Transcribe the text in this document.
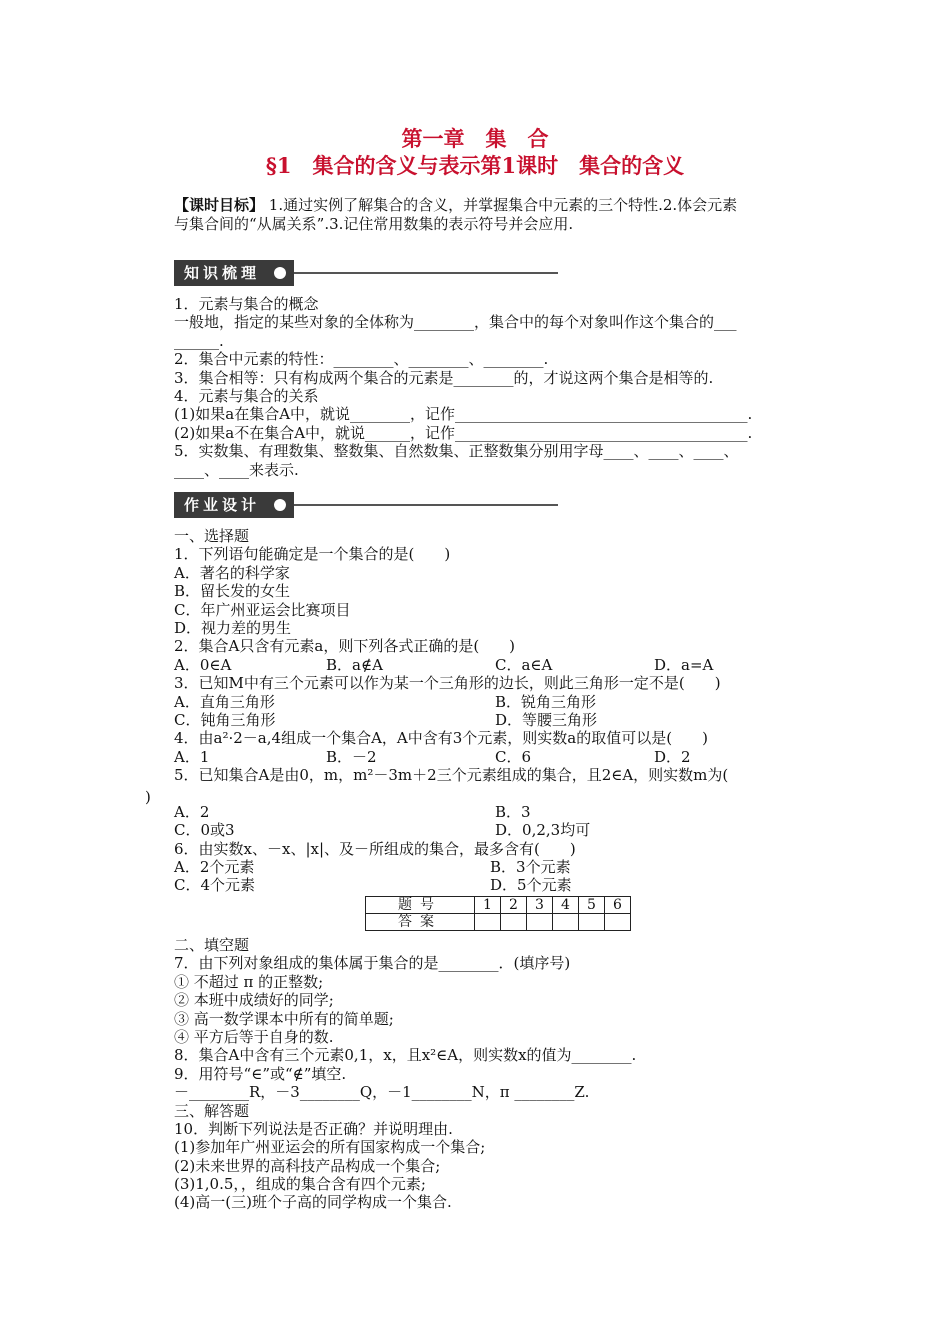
第一章　集　合
§1　集合的含义与表示第1课时　集合的含义
【课时目标】 1.通过实例了解集合的含义，并掌握集合中元素的三个特性.2.体会元素
与集合间的“从属关系”.3.记住常用数集的表示符号并会应用.
知识梳理
1．元素与集合的概念
一般地，指定的某些对象的全体称为________，集合中的每个对象叫作这个集合的___
______.
2．集合中元素的特性：________、________、________.
3．集合相等：只有构成两个集合的元素是________的，才说这两个集合是相等的.
4．元素与集合的关系
(1)如果a在集合A中，就说________，记作_______________________________________.
(2)如果a不在集合A中，就说______，记作_______________________________________.
5．实数集、有理数集、整数集、自然数集、正整数集分别用字母____、____、____、
____、____来表示.
作业设计
一、选择题
1．下列语句能确定是一个集合的是(　　)
A．著名的科学家
B．留长发的女生
C．年广州亚运会比赛项目
D．视力差的男生
2．集合A只含有元素a，则下列各式正确的是(　　)

A．0∈A

	B．a∉A

	C．a∈A

	D．a=A

3．已知M中有三个元素可以作为某一个三角形的边长，则此三角形一定不是(　　)

A．直角三角形

	B．锐角三角形

C．钝角三角形

	D．等腰三角形

4．由a²·2－a,4组成一个集合A，A中含有3个元素，则实数a的取值可以是(　　)

A．1

	B．－2

	C．6

	D．2

5．已知集合A是由0，m，m²－3m＋2三个元素组成的集合，且2∈A，则实数m为(

A．2

	B．3

C．0或3

	D．0,2,3均可

6．由实数x、－x、|x|、及－所组成的集合，最多含有(　　)

A．2个元素

	B．3个元素

C．4个元素

	D．5个元素

)
题号	1	2	3	4	5	6
答案						
二、填空题
7．由下列对象组成的集体属于集合的是________．(填序号)
① 不超过 π 的正整数;
② 本班中成绩好的同学;
③ 高一数学课本中所有的简单题;
④ 平方后等于自身的数.
8．集合A中含有三个元素0,1，x，且x²∈A，则实数x的值为________.
9．用符号“∈”或“∉”填空.
－________R，－3________Q，－1________N，π ________Z.
三、解答题
10．判断下列说法是否正确？并说明理由.
(1)参加年广州亚运会的所有国家构成一个集合;
(2)未来世界的高科技产品构成一个集合;
(3)1,0.5，，组成的集合含有四个元素;
(4)高一(三)班个子高的同学构成一个集合.
